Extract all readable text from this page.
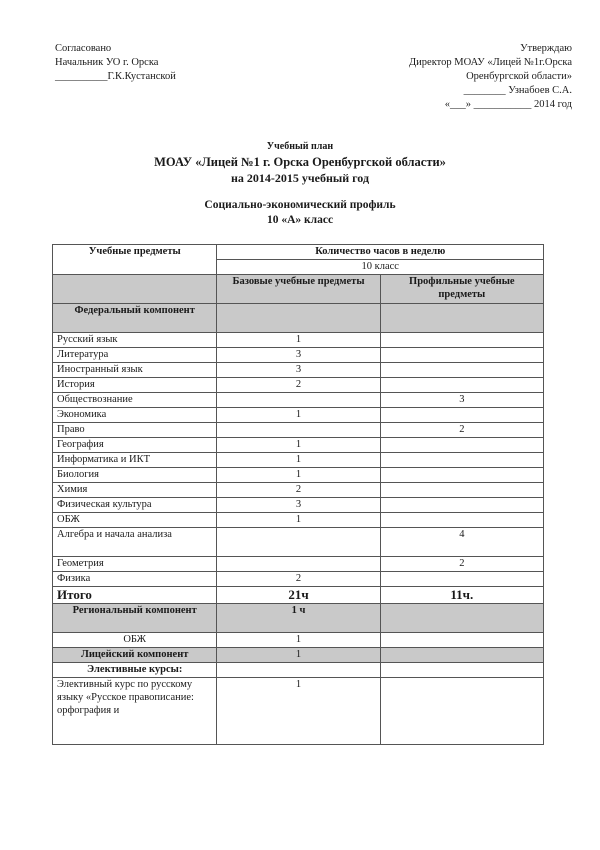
Согласовано
Начальник УО г. Орска
__________Г.К.Кустанской
Утверждаю
Директор МОАУ «Лицей №1г.Орска
Оренбургской области»
________ Узнабоев С.А.
«___» ___________ 2014 год
Учебный план
МОАУ «Лицей №1 г. Орска Оренбургской области»
на 2014-2015 учебный год
Социально-экономический профиль
10 «А» класс
Учебные предметы	Количество часов в неделю	
	10 класс	
	Базовые учебные предметы	Профильные учебные предметы
Федеральный компонент		
Русский язык	1	
Литература	3	
Иностранный язык	3	
История	2	
Обществознание		3
Экономика	1	
Право		2
География	1	
Информатика и ИКТ	1	
Биология	1	
Химия	2	
Физическая культура	3	
ОБЖ	1	
Алгебра и начала анализа		4
Геометрия		2
Физика	2	
Итого	21ч	11ч.
Региональный компонент	1 ч	
ОБЖ	1	
Лицейский компонент	1	
Элективные курсы:		
Элективный курс по русскому языку «Русское правописание: орфография и	1	
